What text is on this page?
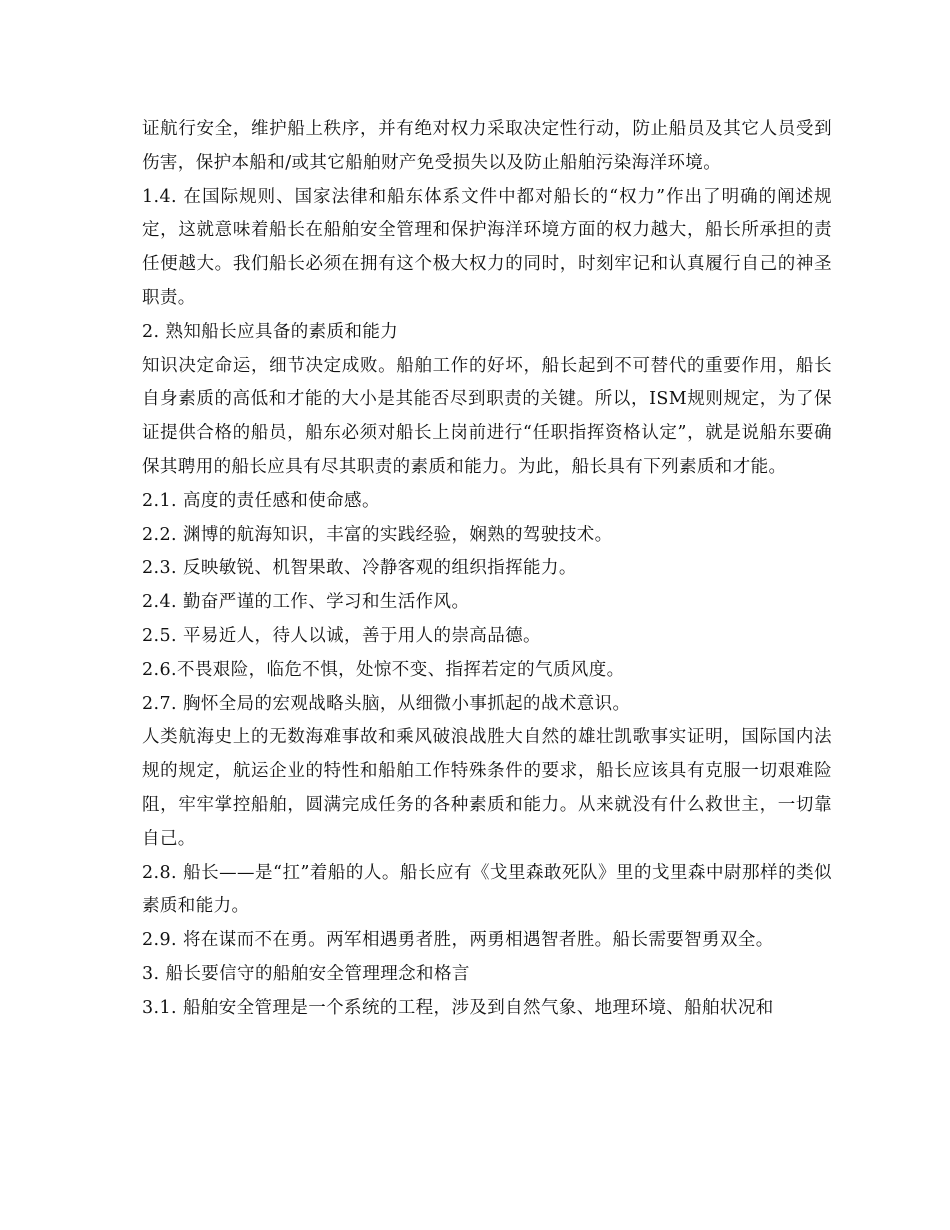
证航行安全，维护船上秩序，并有绝对权力采取决定性行动，防止船员及其它人员受到伤害，保护本船和/或其它船舶财产免受损失以及防止船舶污染海洋环境。

1.4. 在国际规则、国家法律和船东体系文件中都对船长的“权力”作出了明确的阐述规定，这就意味着船长在船舶安全管理和保护海洋环境方面的权力越大，船长所承担的责任便越大。我们船长必须在拥有这个极大权力的同时，时刻牢记和认真履行自己的神圣职责。

2. 熟知船长应具备的素质和能力

知识决定命运，细节决定成败。船舶工作的好坏，船长起到不可替代的重要作用，船长自身素质的高低和才能的大小是其能否尽到职责的关键。所以，ISM规则规定，为了保证提供合格的船员，船东必须对船长上岗前进行“任职指挥资格认定”，就是说船东要确保其聘用的船长应具有尽其职责的素质和能力。为此，船长具有下列素质和才能。

2.1. 高度的责任感和使命感。

2.2. 渊博的航海知识，丰富的实践经验，娴熟的驾驶技术。

2.3. 反映敏锐、机智果敢、冷静客观的组织指挥能力。

2.4. 勤奋严谨的工作、学习和生活作风。

2.5. 平易近人，待人以诚，善于用人的崇高品德。

2.6.不畏艰险，临危不惧，处惊不变、指挥若定的气质风度。

2.7. 胸怀全局的宏观战略头脑，从细微小事抓起的战术意识。

人类航海史上的无数海难事故和乘风破浪战胜大自然的雄壮凯歌事实证明，国际国内法规的规定，航运企业的特性和船舶工作特殊条件的要求，船长应该具有克服一切艰难险阻，牢牢掌控船舶，圆满完成任务的各种素质和能力。从来就没有什么救世主，一切靠自己。

2.8. 船长——是“扛”着船的人。船长应有《戈里森敢死队》里的戈里森中尉那样的类似素质和能力。

2.9. 将在谋而不在勇。两军相遇勇者胜，两勇相遇智者胜。船长需要智勇双全。

3. 船长要信守的船舶安全管理理念和格言

3.1. 船舶安全管理是一个系统的工程，涉及到自然气象、地理环境、船舶状况和
